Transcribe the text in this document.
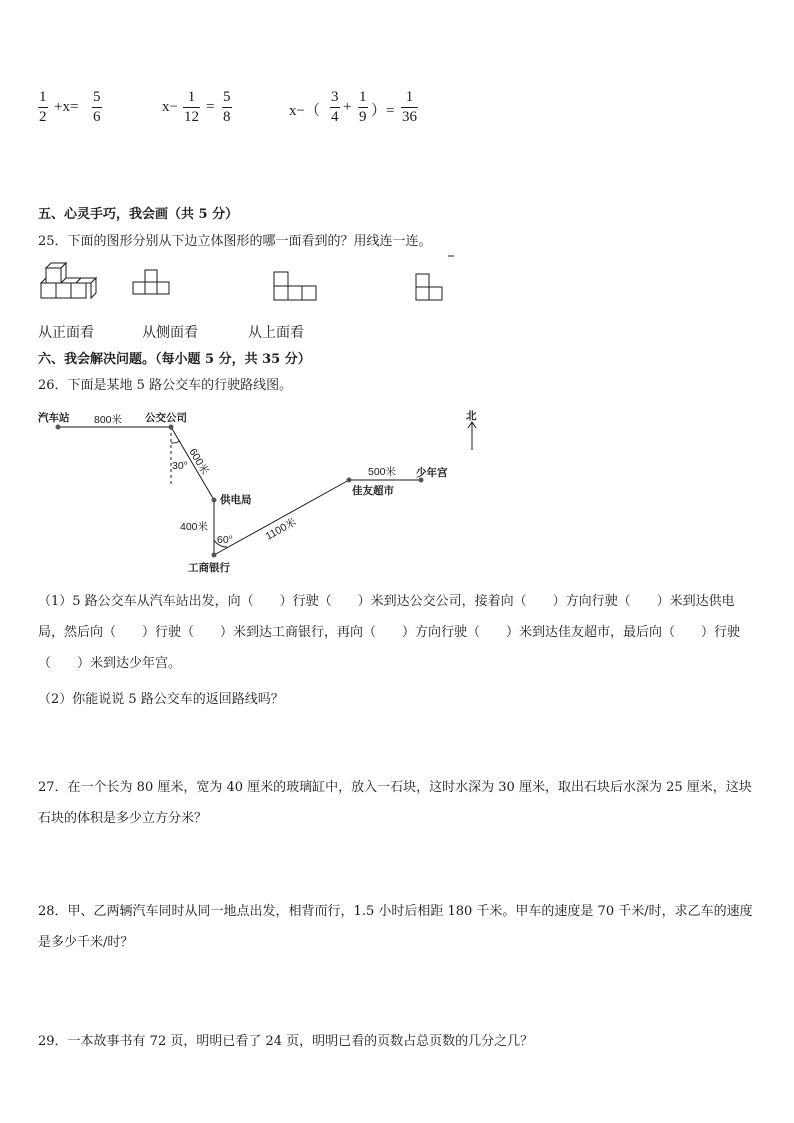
1
2
+x=
5
6
x−
1
12
=
5
8	x−（
3
4
+
1
9 ）=
1
36
五、心灵手巧，我会画（共 5 分）
25．下面的图形分别从下边立体图形的哪一面看到的？用线连一连。
从正面看	从侧面看	从上面看
六、我会解决问题。（每小题 5 分，共 35 分）
26．下面是某地 5 路公交车的行驶路线图。
北
汽车站	公交公司
供电局
工商银行
佳友超市
少年宫
800米
600米
400米	1100米
500米
30°
60°
（1）5 路公交车从汽车站出发，向（　　）行驶（　　）米到达公交公司，接着向（　　）方向行驶（　　）米到达供电局，然后向（　　）行驶（　　）米到达工商银行，再向（　　）方向行驶（　　）米到达佳友超市，最后向（　　）行驶（　　）米到达少年宫。
（2）你能说说 5 路公交车的返回路线吗？
27．在一个长为 80 厘米，宽为 40 厘米的玻璃缸中，放入一石块，这时水深为 30 厘米，取出石块后水深为 25 厘米，这块石块的体积是多少立方分米？
28．甲、乙两辆汽车同时从同一地点出发，相背而行，1.5 小时后相距 180 千米。甲车的速度是 70 千米/时，求乙车的速度是多少千米/时？
29．一本故事书有 72 页，明明已看了 24 页，明明已看的页数占总页数的几分之几？
